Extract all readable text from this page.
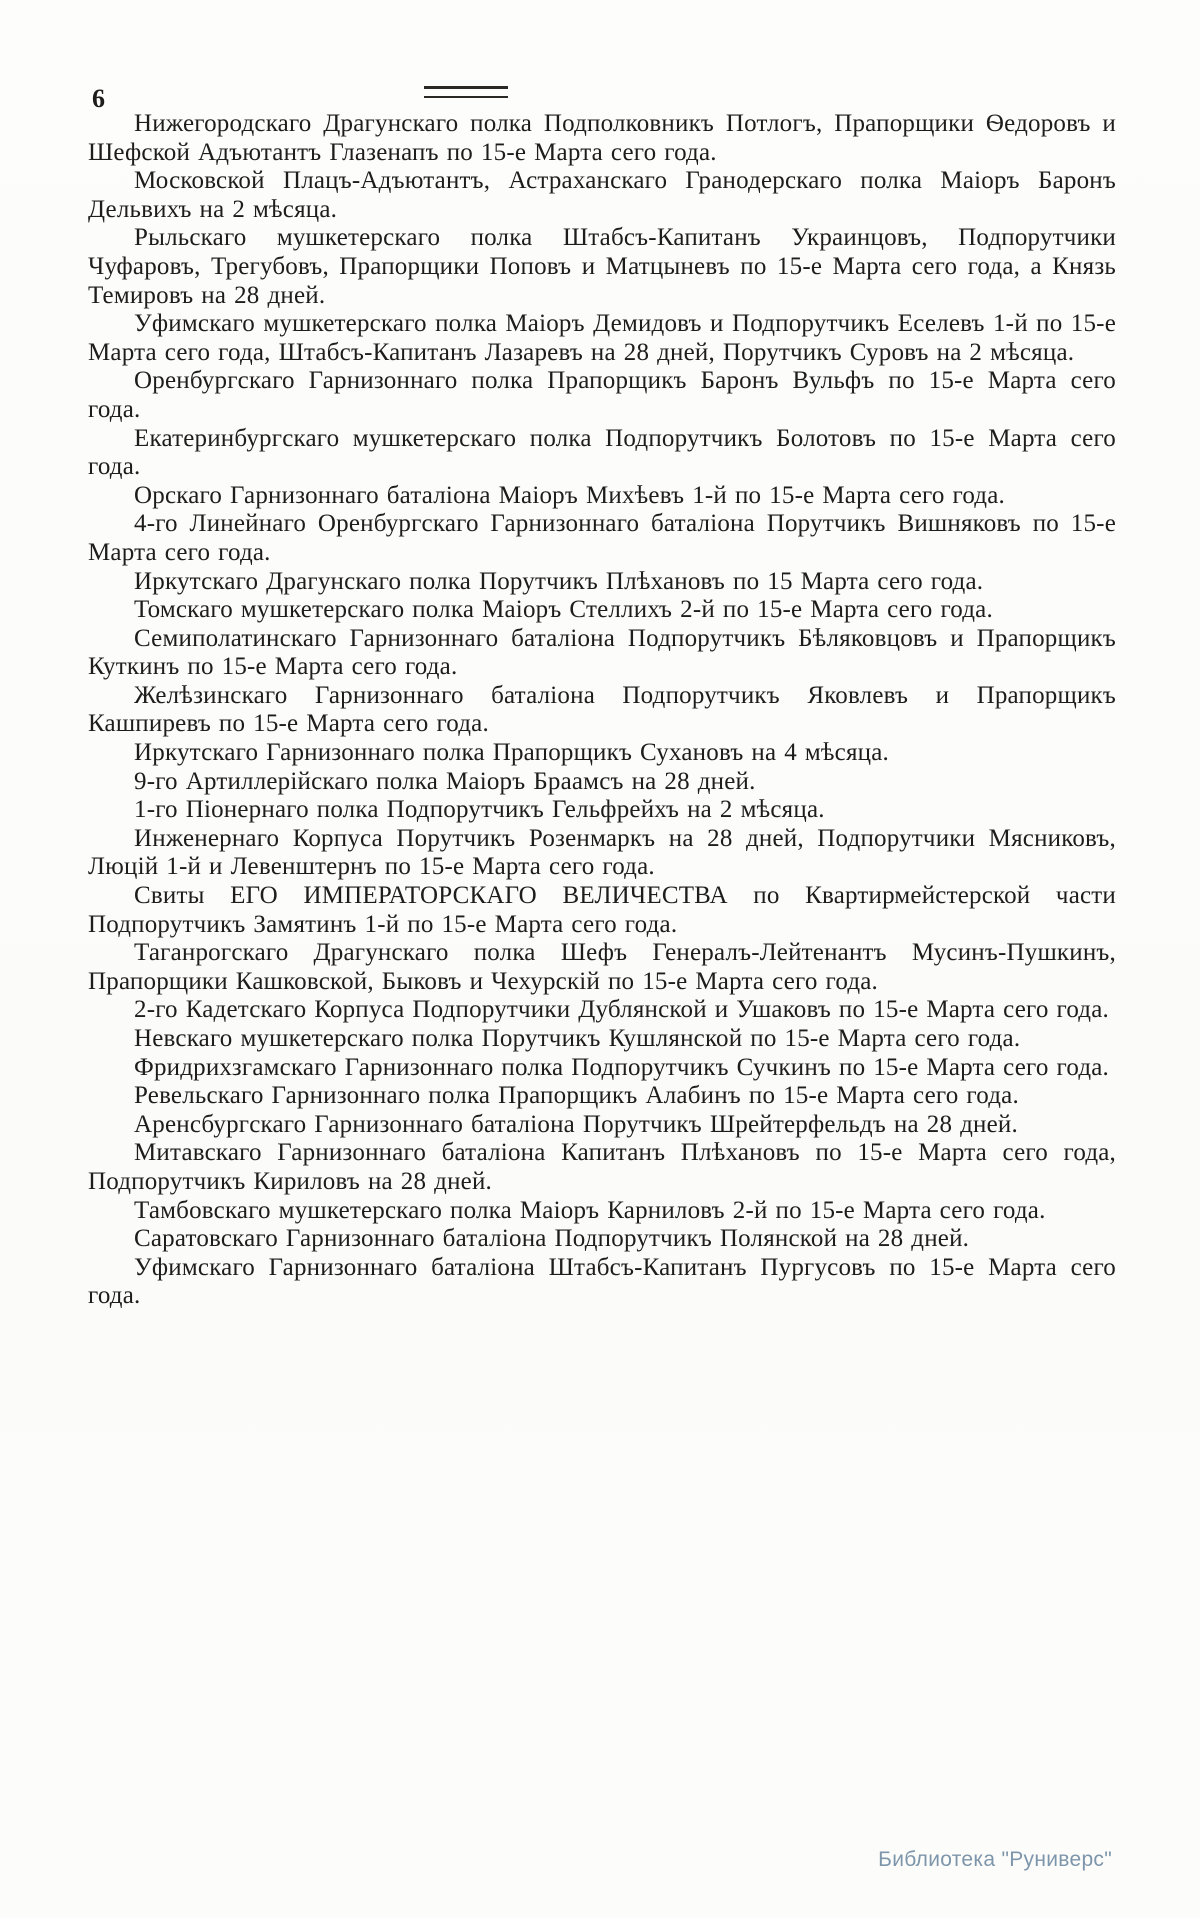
6

Нижегородскаго Драгунскаго полка Подполковникъ Потлогъ, Прапорщики Ѳедоровъ и Шефской Адъютантъ Глазенапъ по 15-е Марта сего года.

Московской Плацъ-Адъютантъ, Астраханскаго Гранодерскаго полка Маіоръ Баронъ Дельвихъ на 2 мѣсяца.

Рыльскаго мушкетерскаго полка Штабсъ-Капитанъ Украинцовъ, Подпорутчики Чуфаровъ, Трегубовъ, Прапорщики Поповъ и Матцыневъ по 15-е Марта сего года, а Князь Темировъ на 28 дней.

Уфимскаго мушкетерскаго полка Маіоръ Демидовъ и Подпорутчикъ Еселевъ 1-й по 15-е Марта сего года, Штабсъ-Капитанъ Лазаревъ на 28 дней, Порутчикъ Суровъ на 2 мѣсяца.

Оренбургскаго Гарнизоннаго полка Прапорщикъ Баронъ Вульфъ по 15-е Марта сего года.

Екатеринбургскаго мушкетерскаго полка Подпорутчикъ Болотовъ по 15-е Марта сего года.

Орскаго Гарнизоннаго баталіона Маіоръ Михѣевъ 1-й по 15-е Марта сего года.

4-го Линейнаго Оренбургскаго Гарнизоннаго баталіона Порутчикъ Вишняковъ по 15-е Марта сего года.

Иркутскаго Драгунскаго полка Порутчикъ Плѣхановъ по 15 Марта сего года.

Томскаго мушкетерскаго полка Маіоръ Стеллихъ 2-й по 15-е Марта сего года.

Семиполатинскаго Гарнизоннаго баталіона Подпорутчикъ Бѣляковцовъ и Прапорщикъ Куткинъ по 15-е Марта сего года.

Желѣзинскаго Гарнизоннаго баталіона Подпорутчикъ Яковлевъ и Прапорщикъ Кашпиревъ по 15-е Марта сего года.

Иркутскаго Гарнизоннаго полка Прапорщикъ Сухановъ на 4 мѣсяца.

9-го Артиллерійскаго полка Маіоръ Браамсъ на 28 дней.

1-го Піонернаго полка Подпорутчикъ Гельфрейхъ на 2 мѣсяца.

Инженернаго Корпуса Порутчикъ Розенмаркъ на 28 дней, Подпорутчики Мясниковъ, Люцій 1-й и Левенштернъ по 15-е Марта сего года.

Свиты ЕГО ИМПЕРАТОРСКАГО ВЕЛИЧЕСТВА по Квартирмейстерской части Подпорутчикъ Замятинъ 1-й по 15-е Марта сего года.

Таганрогскаго Драгунскаго полка Шефъ Генералъ-Лейтенантъ Мусинъ-Пушкинъ, Прапорщики Кашковской, Быковъ и Чехурскій по 15-е Марта сего года.

2-го Кадетскаго Корпуса Подпорутчики Дублянской и Ушаковъ по 15-е Марта сего года.

Невскаго мушкетерскаго полка Порутчикъ Кушлянской по 15-е Марта сего года.

Фридрихзгамскаго Гарнизоннаго полка Подпорутчикъ Сучкинъ по 15-е Марта сего года.

Ревельскаго Гарнизоннаго полка Прапорщикъ Алабинъ по 15-е Марта сего года.

Аренсбургскаго Гарнизоннаго баталіона Порутчикъ Шрейтерфельдъ на 28 дней.

Митавскаго Гарнизоннаго баталіона Капитанъ Плѣхановъ по 15-е Марта сего года, Подпорутчикъ Кириловъ на 28 дней.

Тамбовскаго мушкетерскаго полка Маіоръ Карниловъ 2-й по 15-е Марта сего года.

Саратовскаго Гарнизоннаго баталіона Подпорутчикъ Полянской на 28 дней.

Уфимскаго Гарнизоннаго баталіона Штабсъ-Капитанъ Пургусовъ по 15-е Марта сего года.

Библиотека "Руниверс"
